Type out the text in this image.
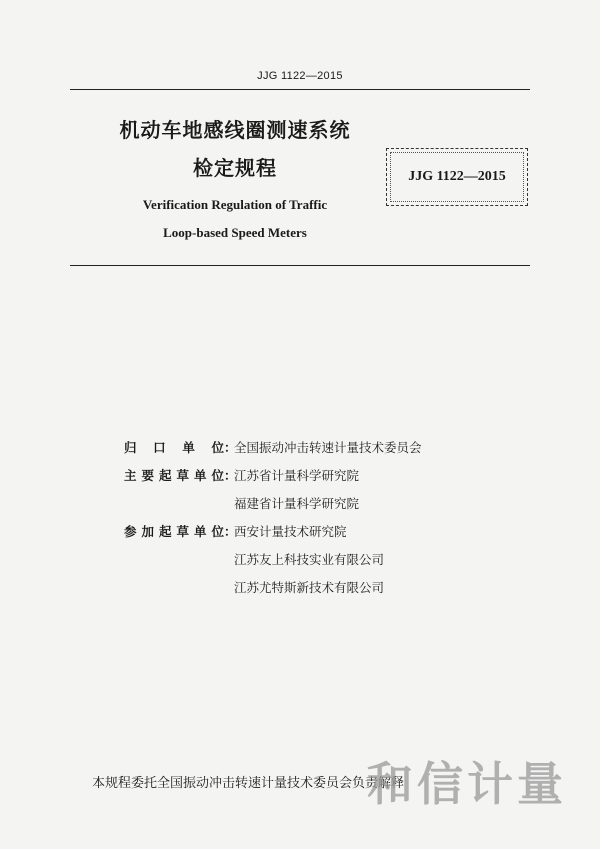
JJG 1122—2015
机动车地感线圈测速系统
检定规程
Verification Regulation of Traffic
Loop-based Speed Meters
JJG 1122—2015
归 口 单 位 ：
全国振动冲击转速计量技术委员会
主要起草单位 ：
江苏省计量科学研究院
福建省计量科学研究院
参加起草单位 ：
西安计量技术研究院
江苏友上科技实业有限公司
江苏尤特斯新技术有限公司
本规程委托全国振动冲击转速计量技术委员会负责解释
和信计量
